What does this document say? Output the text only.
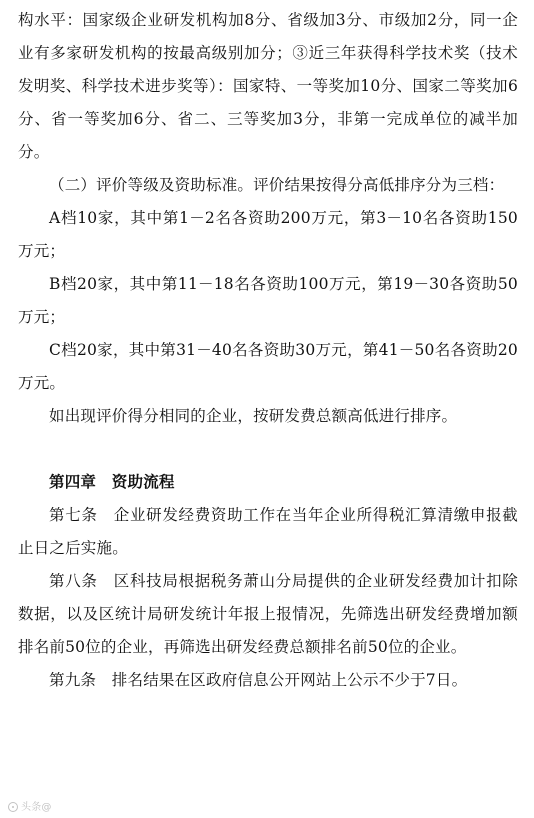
构水平：国家级企业研发机构加8分、省级加3分、市级加2分，同一企业有多家研发机构的按最高级别加分；③近三年获得科学技术奖（技术发明奖、科学技术进步奖等）：国家特、一等奖加10分、国家二等奖加6分、省一等奖加6分、省二、三等奖加3分，非第一完成单位的减半加分。

（二）评价等级及资助标准。评价结果按得分高低排序分为三档：

A档10家，其中第1－2名各资助200万元，第3－10名各资助150万元；

B档20家，其中第11－18名各资助100万元，第19－30各资助50万元；

C档20家，其中第31－40名各资助30万元，第41－50名各资助20万元。

如出现评价得分相同的企业，按研发费总额高低进行排序。

第四章　资助流程

第七条　企业研发经费资助工作在当年企业所得税汇算清缴申报截止日之后实施。

第八条　区科技局根据税务萧山分局提供的企业研发经费加计扣除数据，以及区统计局研发统计年报上报情况，先筛选出研发经费增加额排名前50位的企业，再筛选出研发经费总额排名前50位的企业。

第九条　排名结果在区政府信息公开网站上公示不少于7日。

头条@
